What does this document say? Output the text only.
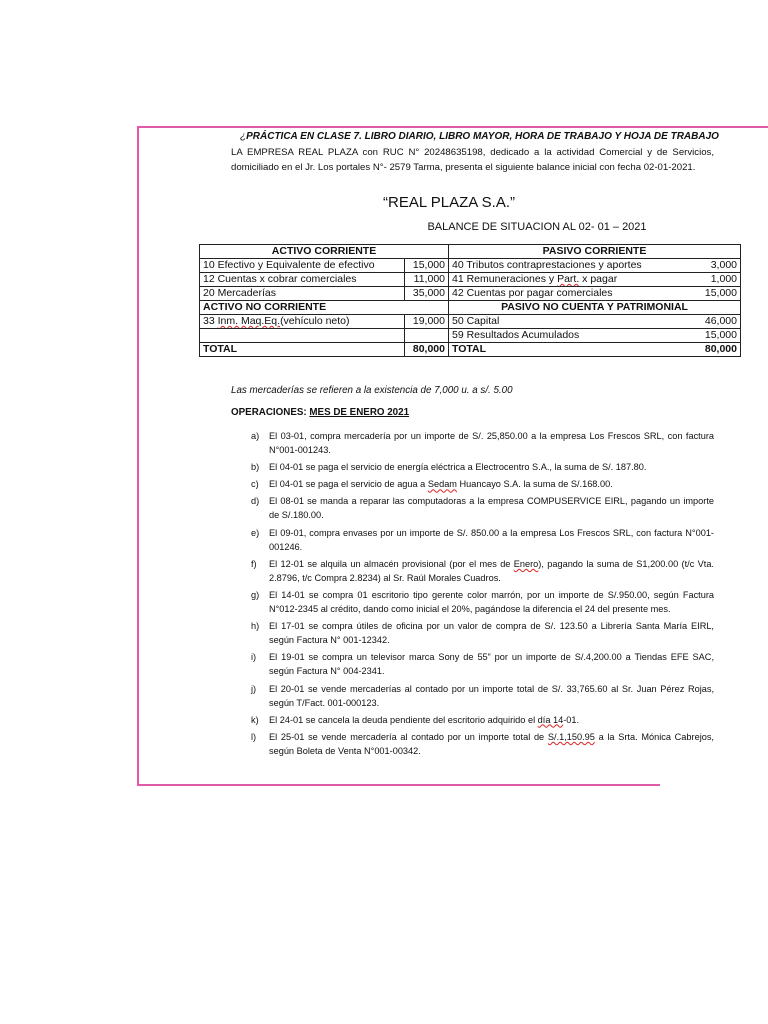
¿PRÁCTICA EN CLASE 7. LIBRO DIARIO, LIBRO MAYOR, HORA DE TRABAJO Y HOJA DE TRABAJO
LA EMPRESA REAL PLAZA con RUC N° 20248635198, dedicado a la actividad Comercial y de Servicios, domiciliado en el Jr. Los portales N°- 2579 Tarma, presenta el siguiente balance inicial con fecha 02-01-2021.
“REAL PLAZA S.A.”
BALANCE DE SITUACION AL 02- 01 – 2021
ACTIVO CORRIENTE		PASIVO CORRIENTE	
10 Efectivo y Equivalente de efectivo	15,000	40 Tributos contraprestaciones y aportes	3,000
12 Cuentas x cobrar comerciales	11,000	41 Remuneraciones y Part. x pagar	1,000
20 Mercaderías	35,000	42 Cuentas por pagar comerciales	15,000
ACTIVO NO CORRIENTE		PASIVO NO CUENTA Y PATRIMONIAL	
33 Inm. Maq.Eq.(vehículo neto)	19,000	50 Capital	46,000
		59 Resultados Acumulados	15,000
TOTAL	80,000	TOTAL	80,000
Las mercaderías se refieren a la existencia de 7,000 u. a s/. 5.00
OPERACIONES: MES DE ENERO 2021
a) El 03-01, compra mercadería por un importe de S/. 25,850.00 a la empresa Los Frescos SRL, con factura N°001-001243.
b) El 04-01 se paga el servicio de energía eléctrica a Electrocentro S.A., la suma de S/. 187.80.
c) El 04-01 se paga el servicio de agua a Sedam Huancayo S.A. la suma de S/.168.00.
d) El 08-01 se manda a reparar las computadoras a la empresa COMPUSERVICE EIRL, pagando un importe de S/.180.00.
e) El 09-01, compra envases por un importe de S/. 850.00 a la empresa Los Frescos SRL, con factura N°001-001246.
f) El 12-01 se alquila un almacén provisional (por el mes de Enero), pagando la suma de S1,200.00 (t/c Vta. 2.8796, t/c Compra 2.8234) al Sr. Raúl Morales Cuadros.
g) El 14-01 se compra 01 escritorio tipo gerente color marrón, por un importe de S/.950.00, según Factura N°012-2345 al crédito, dando como inicial el 20%, pagándose la diferencia el 24 del presente mes.
h) El 17-01 se compra útiles de oficina por un valor de compra de S/. 123.50 a Librería Santa María EIRL, según Factura N° 001-12342.
i) El 19-01 se compra un televisor marca Sony de 55” por un importe de S/.4,200.00 a Tiendas EFE SAC, según Factura N° 004-2341.
j) El 20-01 se vende mercaderías al contado por un importe total de S/. 33,765.60 al Sr. Juan Pérez Rojas, según T/Fact. 001-000123.
k) El 24-01 se cancela la deuda pendiente del escritorio adquirido el día 14-01.
l) El 25-01 se vende mercadería al contado por un importe total de S/.1,150.95 a la Srta. Mónica Cabrejos, según Boleta de Venta N°001-00342.
